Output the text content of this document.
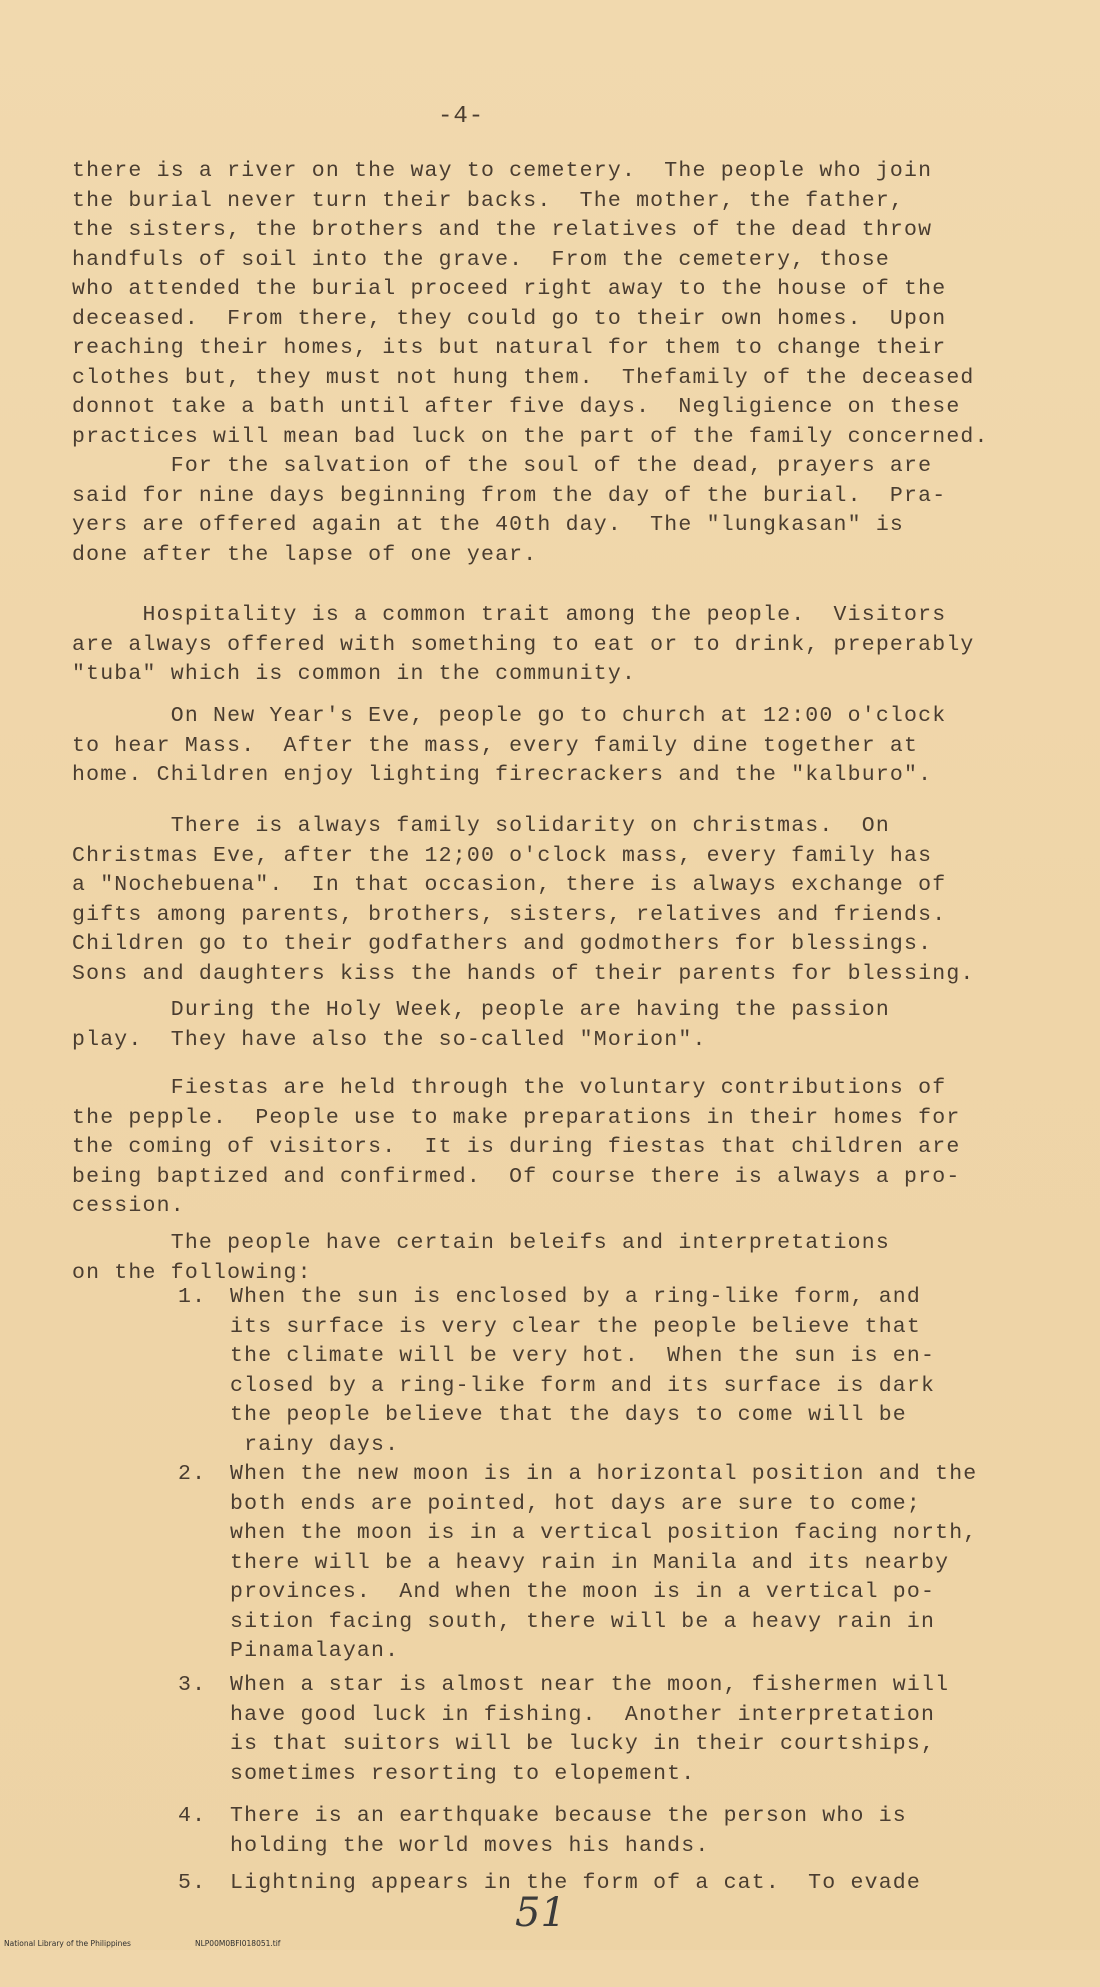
-4-

there is a river on the way to cemetery.  The people who join
the burial never turn their backs.  The mother, the father,
the sisters, the brothers and the relatives of the dead throw
handfuls of soil into the grave.  From the cemetery, those
who attended the burial proceed right away to the house of the
deceased.  From there, they could go to their own homes.  Upon
reaching their homes, its but natural for them to change their
clothes but, they must not hung them.  Thefamily of the deceased
donnot take a bath until after five days.  Negligience on these
practices will mean bad luck on the part of the family concerned.
For the salvation of the soul of the dead, prayers are
said for nine days beginning from the day of the burial.  Pra-
yers are offered again at the 40th day.  The "lungkasan" is
done after the lapse of one year.

Hospitality is a common trait among the people.  Visitors
are always offered with something to eat or to drink, preperably
"tuba" which is common in the community.

On New Year's Eve, people go to church at 12:00 o'clock
to hear Mass.  After the mass, every family dine together at
home. Children enjoy lighting firecrackers and the "kalburo".

There is always family solidarity on christmas.  On
Christmas Eve, after the 12;00 o'clock mass, every family has
a "Nochebuena".  In that occasion, there is always exchange of
gifts among parents, brothers, sisters, relatives and friends.
Children go to their godfathers and godmothers for blessings.
Sons and daughters kiss the hands of their parents for blessing.

During the Holy Week, people are having the passion
play.  They have also the so-called "Morion".

Fiestas are held through the voluntary contributions of
the pepple.  People use to make preparations in their homes for
the coming of visitors.  It is during fiestas that children are
being baptized and confirmed.  Of course there is always a pro-
cession.

The people have certain beleifs and interpretations
on the following:

1.

When the sun is enclosed by a ring-like form, and
its surface is very clear the people believe that
the climate will be very hot.  When the sun is en-
closed by a ring-like form and its surface is dark
the people believe that the days to come will be
rainy days.

2.

When the new moon is in a horizontal position and the
both ends are pointed, hot days are sure to come;
when the moon is in a vertical position facing north,
there will be a heavy rain in Manila and its nearby
provinces.  And when the moon is in a vertical po-
sition facing south, there will be a heavy rain in
Pinamalayan.

3.

When a star is almost near the moon, fishermen will
have good luck in fishing.  Another interpretation
is that suitors will be lucky in their courtships,
sometimes resorting to elopement.

4.

There is an earthquake because the person who is
holding the world moves his hands.

5.

Lightning appears in the form of a cat.  To evade

51
National Library of the Philippines	NLP00M0BFI018051.tif
